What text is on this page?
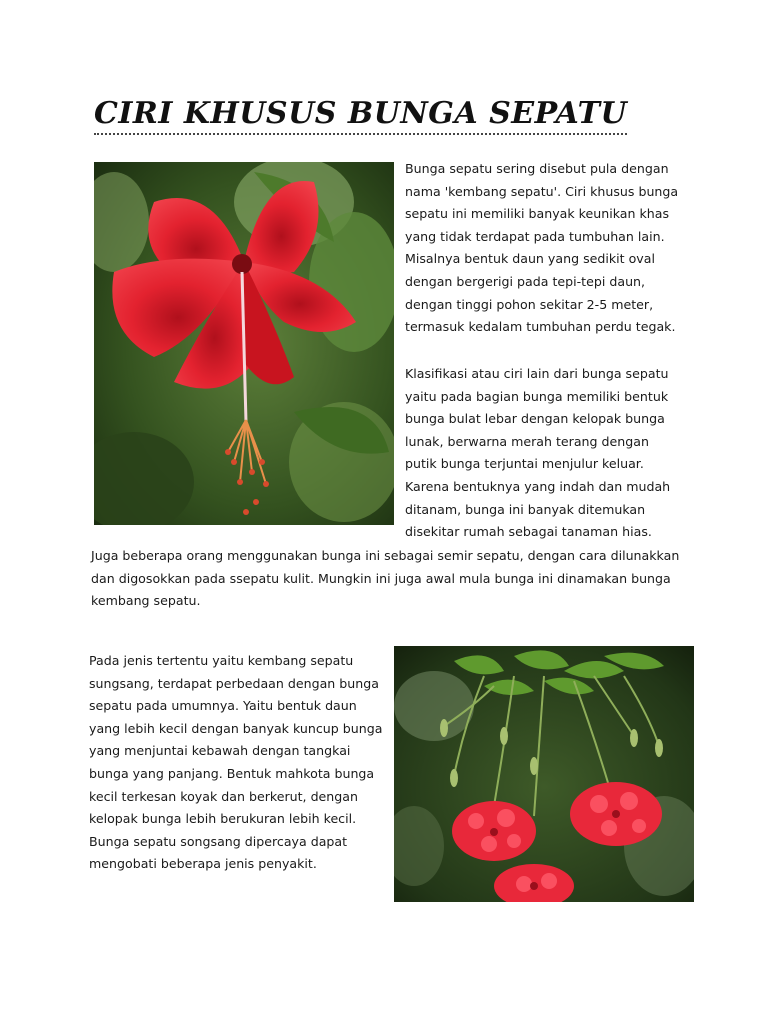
CIRI KHUSUS BUNGA SEPATU

Bunga sepatu sering disebut pula dengan
nama 'kembang sepatu'. Ciri khusus bunga
sepatu ini memiliki banyak keunikan khas
yang tidak terdapat pada tumbuhan lain.
Misalnya bentuk daun yang sedikit oval
dengan bergerigi pada tepi-tepi daun,
dengan tinggi pohon sekitar 2-5 meter,
termasuk kedalam tumbuhan perdu tegak.

Klasifikasi atau ciri lain dari bunga sepatu
yaitu pada bagian bunga memiliki bentuk
bunga bulat lebar dengan kelopak bunga
lunak, berwarna merah terang dengan
putik bunga terjuntai menjulur keluar.
Karena bentuknya yang indah dan mudah
ditanam, bunga ini banyak ditemukan
disekitar rumah sebagai tanaman hias.

Juga beberapa orang menggunakan bunga ini sebagai semir sepatu, dengan cara dilunakkan
dan digosokkan pada ssepatu kulit. Mungkin ini juga awal mula bunga ini dinamakan bunga
kembang sepatu.

Pada jenis tertentu yaitu kembang sepatu
sungsang, terdapat perbedaan dengan bunga
sepatu pada umumnya. Yaitu bentuk daun
yang lebih kecil dengan banyak kuncup bunga
yang menjuntai kebawah dengan tangkai
bunga yang panjang. Bentuk mahkota bunga
kecil terkesan koyak dan berkerut, dengan
kelopak bunga lebih berukuran lebih kecil.
Bunga sepatu songsang dipercaya dapat
mengobati beberapa jenis penyakit.
